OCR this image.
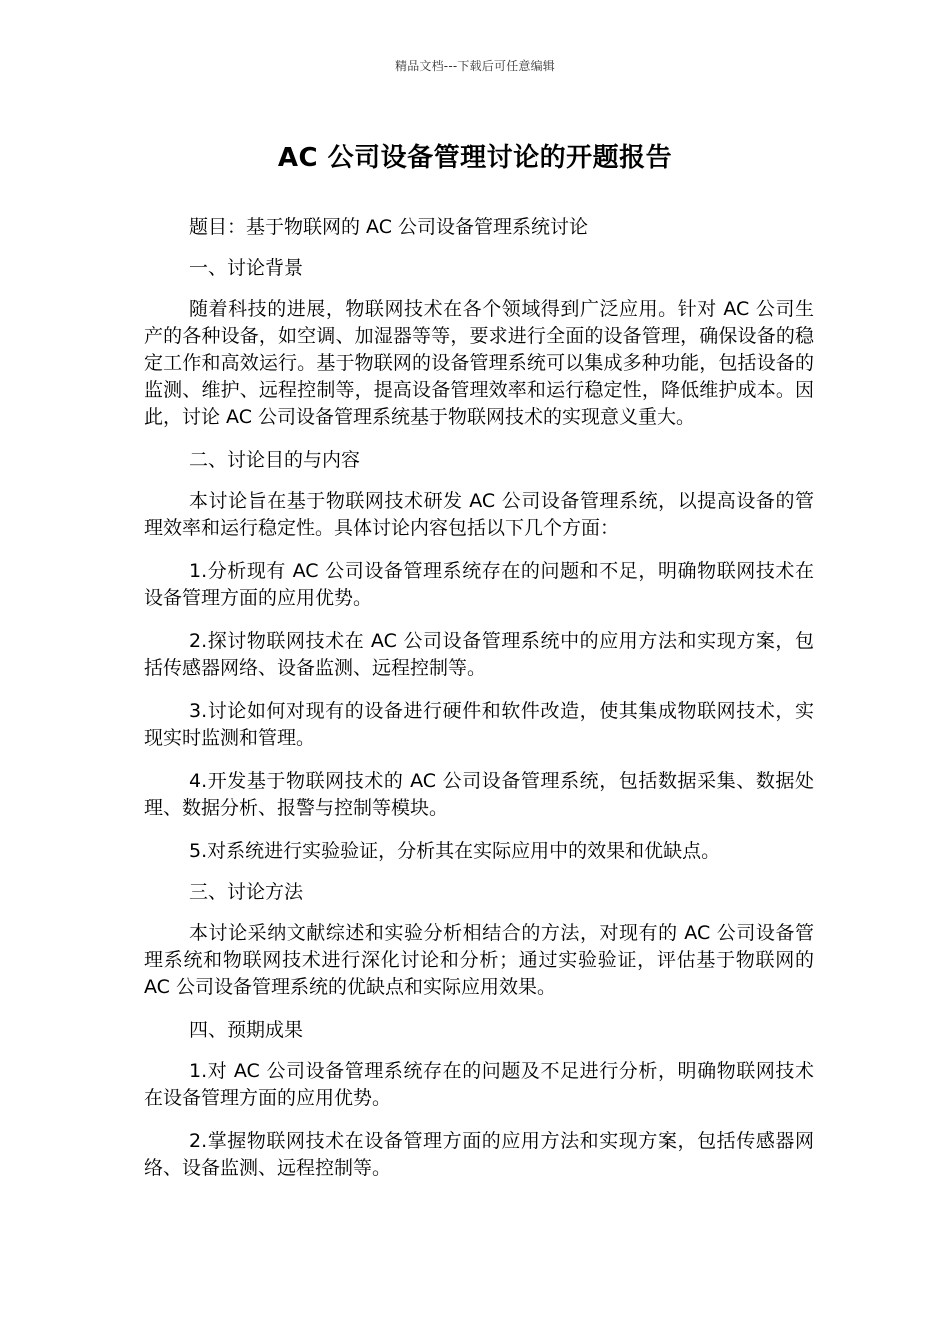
精品文档---下载后可任意编辑
AC 公司设备管理讨论的开题报告

题目：基于物联网的 AC 公司设备管理系统讨论

一、讨论背景

随着科技的进展，物联网技术在各个领域得到广泛应用。针对 AC 公司生产的各种设备，如空调、加湿器等等，要求进行全面的设备管理，确保设备的稳定工作和高效运行。基于物联网的设备管理系统可以集成多种功能，包括设备的监测、维护、远程控制等，提高设备管理效率和运行稳定性，降低维护成本。因此，讨论 AC 公司设备管理系统基于物联网技术的实现意义重大。

二、讨论目的与内容

本讨论旨在基于物联网技术研发 AC 公司设备管理系统，以提高设备的管理效率和运行稳定性。具体讨论内容包括以下几个方面：

1.分析现有 AC 公司设备管理系统存在的问题和不足，明确物联网技术在设备管理方面的应用优势。

2.探讨物联网技术在 AC 公司设备管理系统中的应用方法和实现方案，包括传感器网络、设备监测、远程控制等。

3.讨论如何对现有的设备进行硬件和软件改造，使其集成物联网技术，实现实时监测和管理。

4.开发基于物联网技术的 AC 公司设备管理系统，包括数据采集、数据处理、数据分析、报警与控制等模块。

5.对系统进行实验验证，分析其在实际应用中的效果和优缺点。

三、讨论方法

本讨论采纳文献综述和实验分析相结合的方法，对现有的 AC 公司设备管理系统和物联网技术进行深化讨论和分析；通过实验验证，评估基于物联网的 AC 公司设备管理系统的优缺点和实际应用效果。

四、预期成果

1.对 AC 公司设备管理系统存在的问题及不足进行分析，明确物联网技术在设备管理方面的应用优势。

2.掌握物联网技术在设备管理方面的应用方法和实现方案，包括传感器网络、设备监测、远程控制等。
